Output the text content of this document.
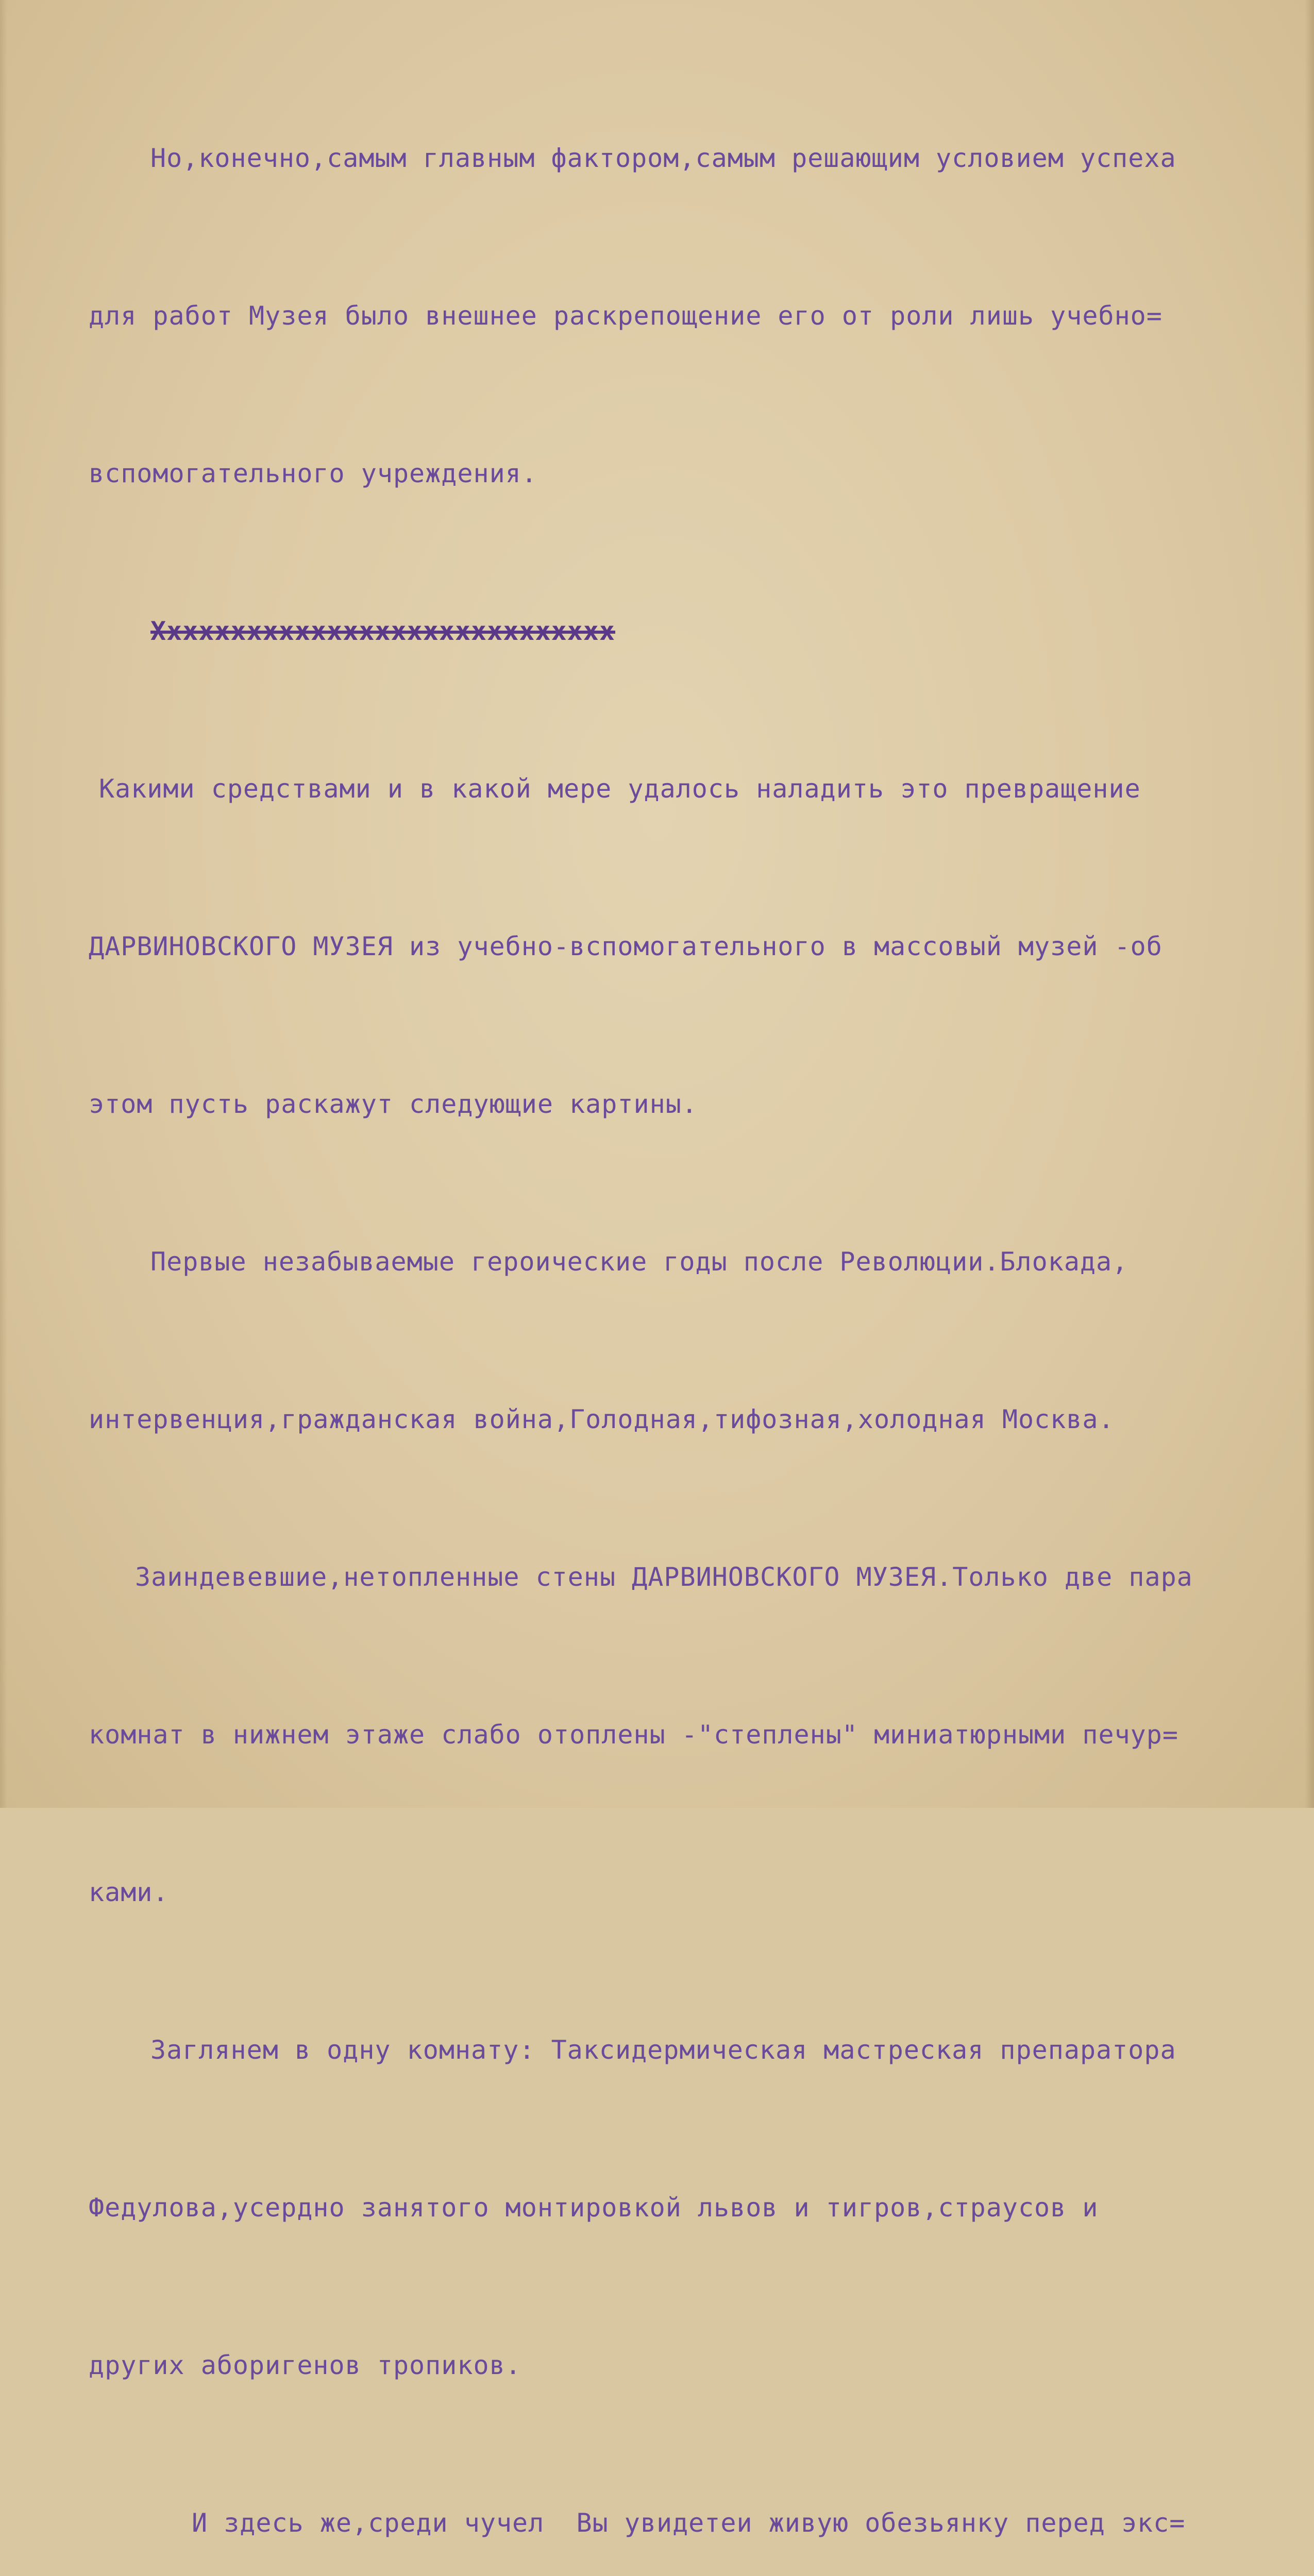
Но,конечно,самым главным фактором,самым решающим условием успеха

для работ Музея было внешнее раскрепощение его от роли лишь учебно=

вспомогательного учреждения.

Ххххххххххххххххххххххххххххх

Какими средствами и в какой мере удалось наладить это превращение

ДАРВИНОВСКОГО МУЗЕЯ из учебно-вспомогательного в массовый музей -об

этом пусть раскажут следующие картины.

Первые незабываемые героические годы после Революции.Блокада,

интервенция,гражданская война,Голодная,тифозная,холодная Москва.

Заиндевевшие,нетопленные стены ДАРВИНОВСКОГО МУЗЕЯ.Только две пара

комнат в нижнем этаже слабо отоплены -"степлены" миниатюрными печур=

ками.

Заглянем в одну комнату: Таксидермическая мастреская препаратора

Федулова,усердно занятого монтировкой львов и тигров,страусов и

других аборигенов тропиков.

И здесь же,среди чучел  Вы увидетеи живую обезьянку перед экс=
